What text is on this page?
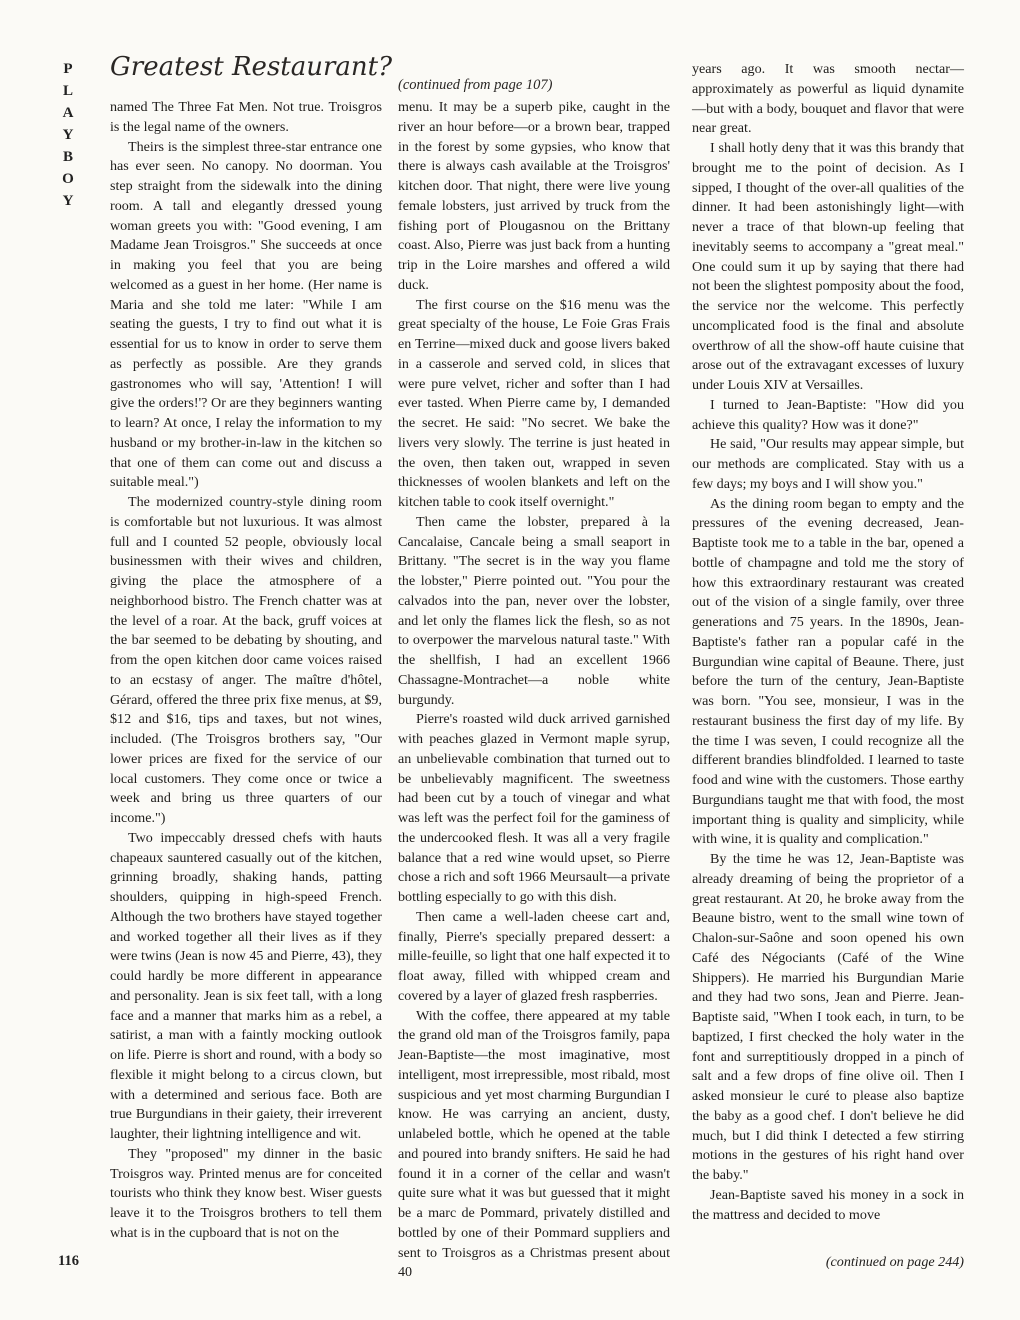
P
L
A
Y
B
O
Y
Greatest Restaurant?
(continued from page 107)

named The Three Fat Men. Not true. Troisgros is the legal name of the owners.

Theirs is the simplest three-star entrance one has ever seen. No canopy. No doorman. You step straight from the sidewalk into the dining room. A tall and elegantly dressed young woman greets you with: "Good evening, I am Madame Jean Troisgros." She succeeds at once in making you feel that you are being welcomed as a guest in her home. (Her name is Maria and she told me later: "While I am seating the guests, I try to find out what it is essential for us to know in order to serve them as perfectly as possible. Are they grands gastronomes who will say, 'Attention! I will give the orders!'? Or are they beginners wanting to learn? At once, I relay the information to my husband or my brother-in-law in the kitchen so that one of them can come out and discuss a suitable meal.")

The modernized country-style dining room is comfortable but not luxurious. It was almost full and I counted 52 people, obviously local businessmen with their wives and children, giving the place the atmosphere of a neighborhood bistro. The French chatter was at the level of a roar. At the back, gruff voices at the bar seemed to be debating by shouting, and from the open kitchen door came voices raised to an ecstasy of anger. The maître d'hôtel, Gérard, offered the three prix fixe menus, at $9, $12 and $16, tips and taxes, but not wines, included. (The Troisgros brothers say, "Our lower prices are fixed for the service of our local customers. They come once or twice a week and bring us three quarters of our income.")

Two impeccably dressed chefs with hauts chapeaux sauntered casually out of the kitchen, grinning broadly, shaking hands, patting shoulders, quipping in high-speed French. Although the two brothers have stayed together and worked together all their lives as if they were twins (Jean is now 45 and Pierre, 43), they could hardly be more different in appearance and personality. Jean is six feet tall, with a long face and a manner that marks him as a rebel, a satirist, a man with a faintly mocking outlook on life. Pierre is short and round, with a body so flexible it might belong to a circus clown, but with a determined and serious face. Both are true Burgundians in their gaiety, their irreverent laughter, their lightning intelligence and wit.

They "proposed" my dinner in the basic Troisgros way. Printed menus are for conceited tourists who think they know best. Wiser guests leave it to the Troisgros brothers to tell them what is in the cupboard that is not on the

menu. It may be a superb pike, caught in the river an hour before—or a brown bear, trapped in the forest by some gypsies, who know that there is always cash available at the Troisgros' kitchen door. That night, there were live young female lobsters, just arrived by truck from the fishing port of Plougasnou on the Brittany coast. Also, Pierre was just back from a hunting trip in the Loire marshes and offered a wild duck.

The first course on the $16 menu was the great specialty of the house, Le Foie Gras Frais en Terrine—mixed duck and goose livers baked in a casserole and served cold, in slices that were pure velvet, richer and softer than I had ever tasted. When Pierre came by, I demanded the secret. He said: "No secret. We bake the livers very slowly. The terrine is just heated in the oven, then taken out, wrapped in seven thicknesses of woolen blankets and left on the kitchen table to cook itself overnight."

Then came the lobster, prepared à la Cancalaise, Cancale being a small seaport in Brittany. "The secret is in the way you flame the lobster," Pierre pointed out. "You pour the calvados into the pan, never over the lobster, and let only the flames lick the flesh, so as not to overpower the marvelous natural taste." With the shellfish, I had an excellent 1966 Chassagne-Montrachet—a noble white burgundy.

Pierre's roasted wild duck arrived garnished with peaches glazed in Vermont maple syrup, an unbelievable combination that turned out to be unbelievably magnificent. The sweetness had been cut by a touch of vinegar and what was left was the perfect foil for the gaminess of the undercooked flesh. It was all a very fragile balance that a red wine would upset, so Pierre chose a rich and soft 1966 Meursault—a private bottling especially to go with this dish.

Then came a well-laden cheese cart and, finally, Pierre's specially prepared dessert: a mille-feuille, so light that one half expected it to float away, filled with whipped cream and covered by a layer of glazed fresh raspberries.

With the coffee, there appeared at my table the grand old man of the Troisgros family, papa Jean-Baptiste—the most imaginative, most intelligent, most irrepressible, most ribald, most suspicious and yet most charming Burgundian I know. He was carrying an ancient, dusty, unlabeled bottle, which he opened at the table and poured into brandy snifters. He said he had found it in a corner of the cellar and wasn't quite sure what it was but guessed that it might be a marc de Pommard, privately distilled and bottled by one of their Pommard suppliers and sent to Troisgros as a Christmas present about 40

years ago. It was smooth nectar—approximately as powerful as liquid dynamite—but with a body, bouquet and flavor that were near great.

I shall hotly deny that it was this brandy that brought me to the point of decision. As I sipped, I thought of the over-all qualities of the dinner. It had been astonishingly light—with never a trace of that blown-up feeling that inevitably seems to accompany a "great meal." One could sum it up by saying that there had not been the slightest pomposity about the food, the service nor the welcome. This perfectly uncomplicated food is the final and absolute overthrow of all the show-off haute cuisine that arose out of the extravagant excesses of luxury under Louis XIV at Versailles.

I turned to Jean-Baptiste: "How did you achieve this quality? How was it done?"

He said, "Our results may appear simple, but our methods are complicated. Stay with us a few days; my boys and I will show you."

As the dining room began to empty and the pressures of the evening decreased, Jean-Baptiste took me to a table in the bar, opened a bottle of champagne and told me the story of how this extraordinary restaurant was created out of the vision of a single family, over three generations and 75 years. In the 1890s, Jean-Baptiste's father ran a popular café in the Burgundian wine capital of Beaune. There, just before the turn of the century, Jean-Baptiste was born. "You see, monsieur, I was in the restaurant business the first day of my life. By the time I was seven, I could recognize all the different brandies blindfolded. I learned to taste food and wine with the customers. Those earthy Burgundians taught me that with food, the most important thing is quality and simplicity, while with wine, it is quality and complication."

By the time he was 12, Jean-Baptiste was already dreaming of being the proprietor of a great restaurant. At 20, he broke away from the Beaune bistro, went to the small wine town of Chalon-sur-Saône and soon opened his own Café des Négociants (Café of the Wine Shippers). He married his Burgundian Marie and they had two sons, Jean and Pierre. Jean-Baptiste said, "When I took each, in turn, to be baptized, I first checked the holy water in the font and surreptitiously dropped in a pinch of salt and a few drops of fine olive oil. Then I asked monsieur le curé to please also baptize the baby as a good chef. I don't believe he did much, but I did think I detected a few stirring motions in the gestures of his right hand over the baby."

Jean-Baptiste saved his money in a sock in the mattress and decided to move

(continued on page 244)
116
